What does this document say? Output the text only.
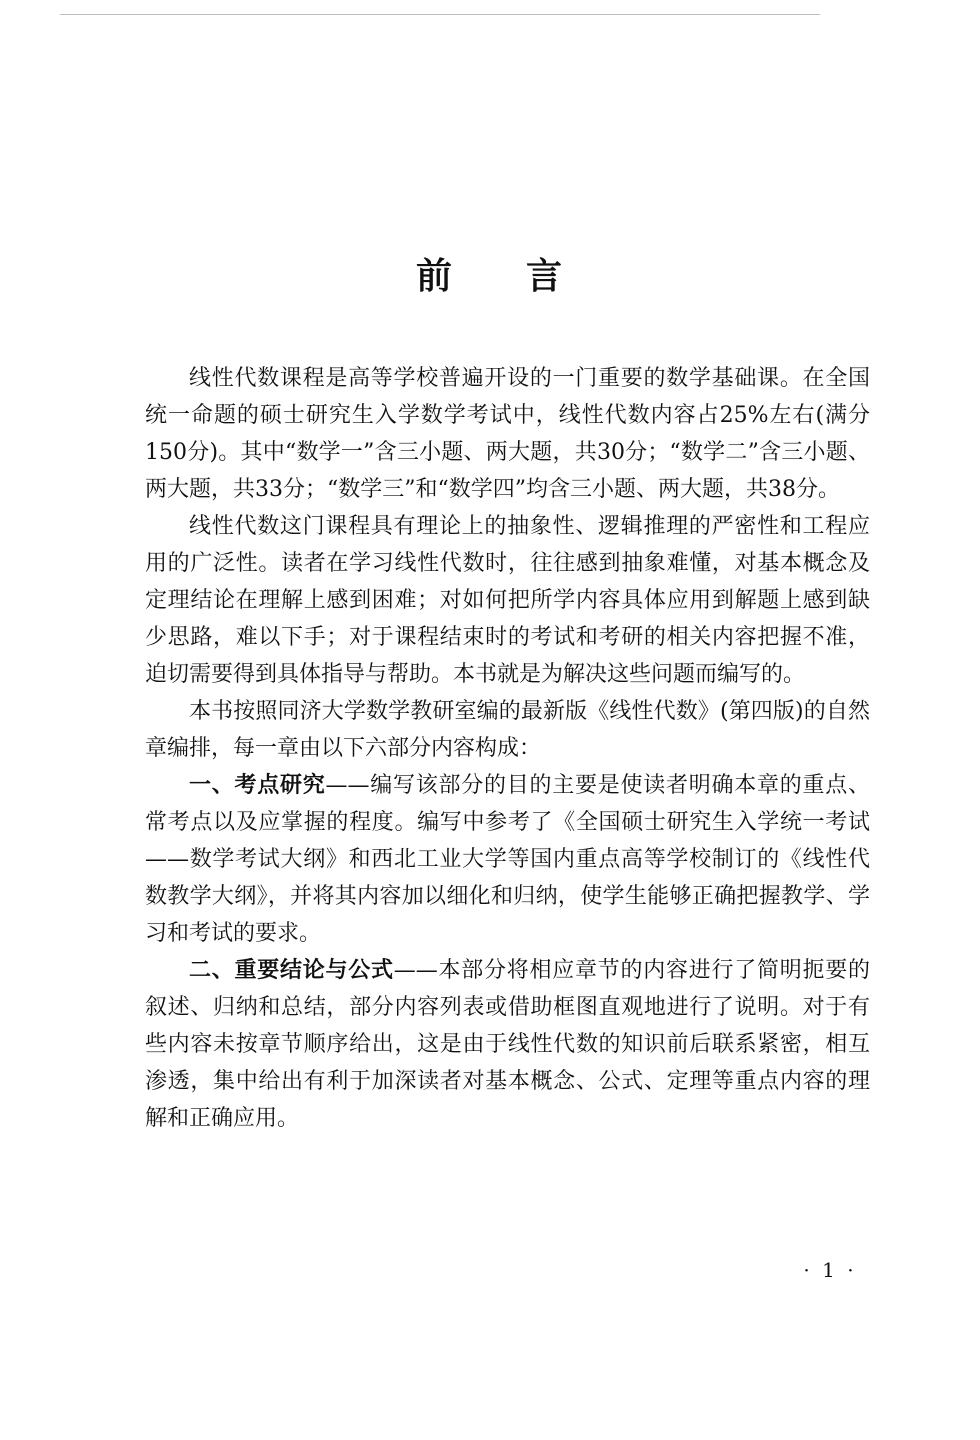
前 言

线性代数课程是高等学校普遍开设的一门重要的数学基础课。在全国统一命题的硕士研究生入学数学考试中，线性代数内容占25%左右(满分150分)。其中“数学一”含三小题、两大题，共30分；“数学二”含三小题、两大题，共33分；“数学三”和“数学四”均含三小题、两大题，共38分。

线性代数这门课程具有理论上的抽象性、逻辑推理的严密性和工程应用的广泛性。读者在学习线性代数时，往往感到抽象难懂，对基本概念及定理结论在理解上感到困难；对如何把所学内容具体应用到解题上感到缺少思路，难以下手；对于课程结束时的考试和考研的相关内容把握不准，迫切需要得到具体指导与帮助。本书就是为解决这些问题而编写的。

本书按照同济大学数学教研室编的最新版《线性代数》(第四版)的自然章编排，每一章由以下六部分内容构成：

一、考点研究——编写该部分的目的主要是使读者明确本章的重点、常考点以及应掌握的程度。编写中参考了《全国硕士研究生入学统一考试——数学考试大纲》和西北工业大学等国内重点高等学校制订的《线性代数教学大纲》，并将其内容加以细化和归纳，使学生能够正确把握教学、学习和考试的要求。

二、重要结论与公式——本部分将相应章节的内容进行了简明扼要的叙述、归纳和总结，部分内容列表或借助框图直观地进行了说明。对于有些内容未按章节顺序给出，这是由于线性代数的知识前后联系紧密，相互渗透，集中给出有利于加深读者对基本概念、公式、定理等重点内容的理解和正确应用。

· 1 ·
